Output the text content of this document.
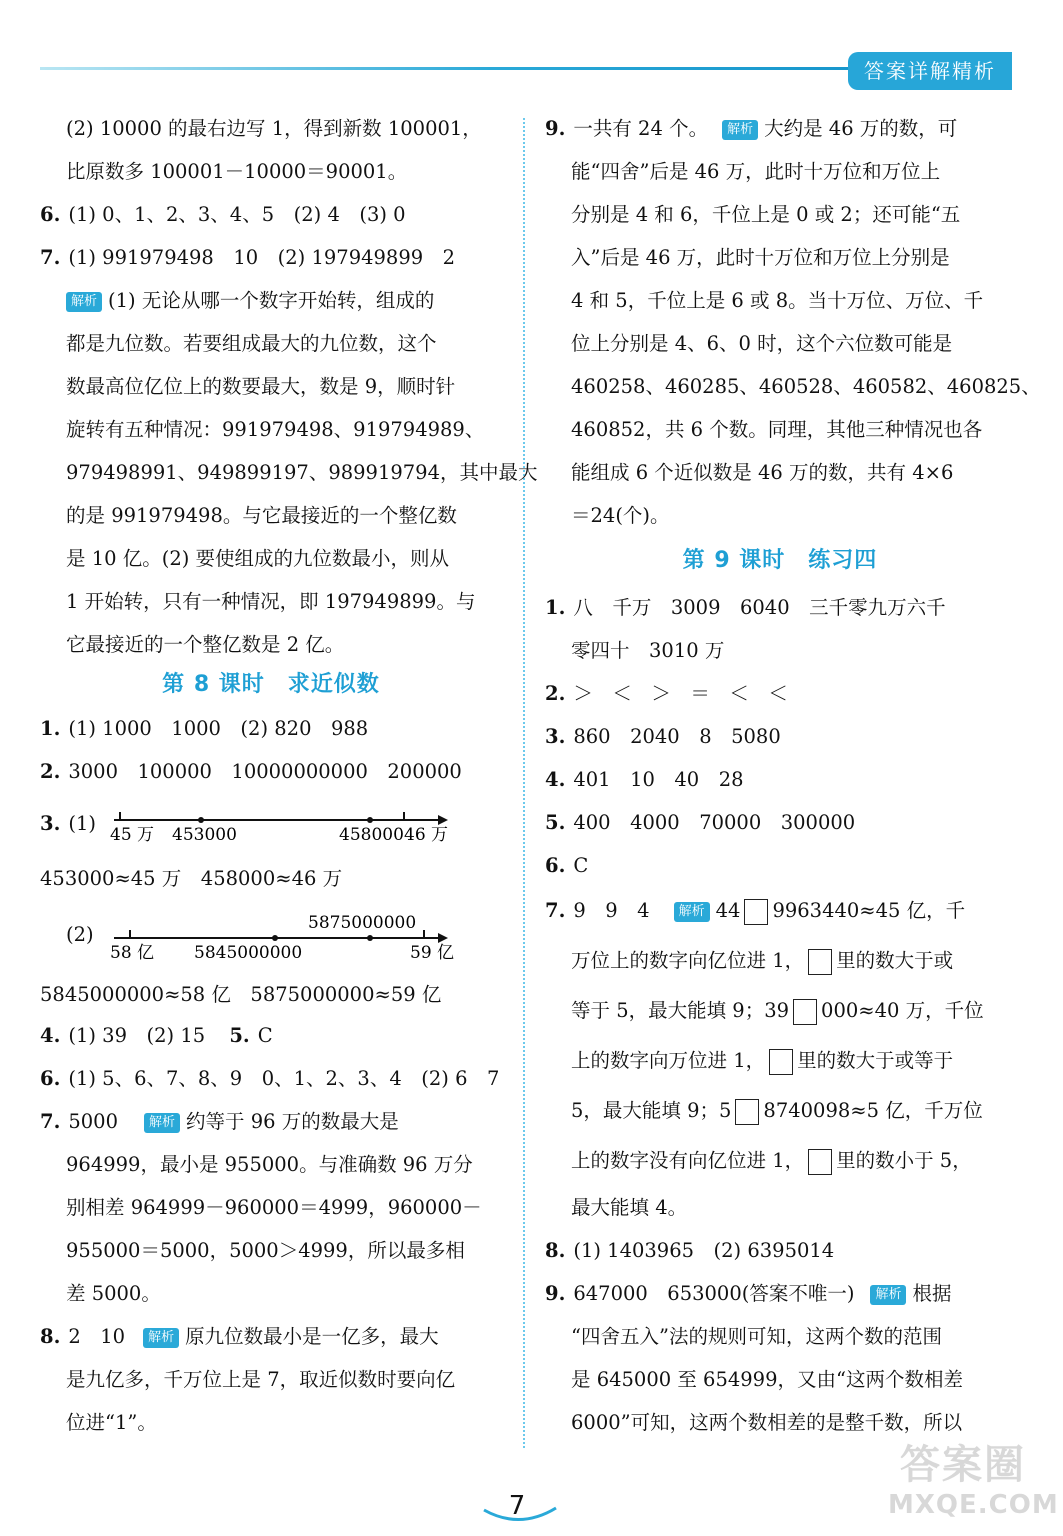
答案详解精析
(2) 10000 的最右边写 1，得到新数 100001，
比原数多 100001－10000＝90001。
6. (1) 0、1、2、3、4、5　(2) 4　(3) 0
7. (1) 991979498　10　(2) 197949899　2
解析 (1) 无论从哪一个数字开始转，组成的
都是九位数。若要组成最大的九位数，这个
数最高位亿位上的数要最大，数是 9，顺时针
旋转有五种情况：991979498、919794989、
979498991、949899197、989919794，其中最大
的是 991979498。与它最接近的一个整亿数
是 10 亿。(2) 要使组成的九位数最小，则从
1 开始转，只有一种情况，即 197949899。与
它最接近的一个整亿数是 2 亿。
第 8 课时　求近似数
1. (1) 1000　1000　(2) 820　988
2. 3000　100000　10000000000　200000
3. (1) 45 万 453000	458000 46 万
453000≈45 万　458000≈46 万
(2)	5875000000
58 亿 5845000000	59 亿
5845000000≈58 亿　5875000000≈59 亿
4. (1) 39　(2) 15 5. C
6. (1) 5、6、7、8、9　0、1、2、3、4　(2) 6　7
7. 5000 解析 约等于 96 万的数最大是
964999，最小是 955000。与准确数 96 万分
别相差 964999－960000＝4999，960000－
955000＝5000，5000＞4999，所以最多相
差 5000。
8. 2　10 解析 原九位数最小是一亿多，最大
是九亿多，千万位上是 7，取近似数时要向亿
位进“1”。
9. 一共有 24 个。 解析 大约是 46 万的数，可
能“四舍”后是 46 万，此时十万位和万位上
分别是 4 和 6，千位上是 0 或 2；还可能“五
入”后是 46 万，此时十万位和万位上分别是
4 和 5，千位上是 6 或 8。当十万位、万位、千
位上分别是 4、6、0 时，这个六位数可能是
460258、460285、460528、460582、460825、
460852，共 6 个数。同理，其他三种情况也各
能组成 6 个近似数是 46 万的数，共有 4×6
＝24(个)。
第 9 课时　练习四
1. 八　千万　3009　6040　三千零九万六千
零四十　3010 万
2. ＞　＜　＞　＝　＜　＜
3. 860　2040　8　5080
4. 401　10　40　28
5. 400　4000　70000　300000
6. C
7. 9　9　4 解析 44 9963440≈45 亿，千
万位上的数字向亿位进 1， 里的数大于或
等于 5，最大能填 9；39 000≈40 万，千位
上的数字向万位进 1， 里的数大于或等于
5，最大能填 9；5 8740098≈5 亿，千万位
上的数字没有向亿位进 1， 里的数小于 5，
最大能填 4。
8. (1) 1403965　(2) 6395014
9. 647000　653000(答案不唯一) 解析 根据
“四舍五入”法的规则可知，这两个数的范围
是 645000 至 654999，又由“这两个数相差
6000”可知，这两个数相差的是整千数，所以
7
答案圈
MXQE.COM
